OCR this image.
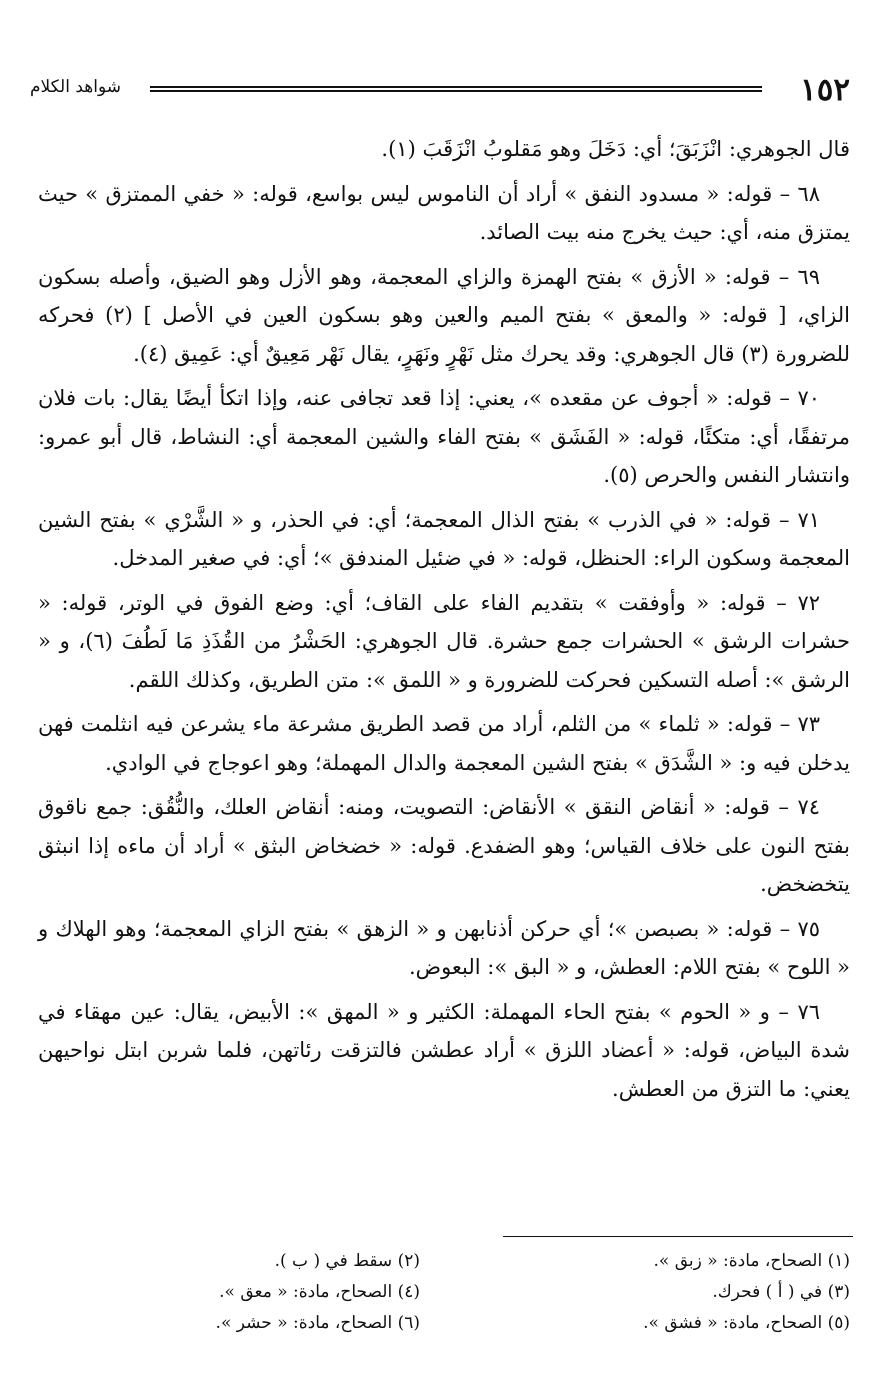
١٥٢
شواهد الكلام

قال الجوهري: انْزَبَقَ؛ أي: دَخَلَ وهو مَقلوبُ انْزَقَبَ (١).

٦٨ – قوله: « مسدود النفق » أراد أن الناموس ليس بواسع، قوله: « خفي الممتزق » حيث يمتزق منه، أي: حيث يخرج منه بيت الصائد.

٦٩ – قوله: « الأزق » بفتح الهمزة والزاي المعجمة، وهو الأزل وهو الضيق، وأصله بسكون الزاي، [ قوله: « والمعق » بفتح الميم والعين وهو بسكون العين في الأصل ] (٢) فحركه للضرورة (٣) قال الجوهري: وقد يحرك مثل نَهْرٍ ونَهَرٍ، يقال نَهْر مَعِيقٌ أي: عَمِيق (٤).

٧٠ – قوله: « أجوف عن مقعده »، يعني: إذا قعد تجافى عنه، وإذا اتكأ أيضًا يقال: بات فلان مرتفقًا، أي: متكئًا، قوله: « الفَشَق » بفتح الفاء والشين المعجمة أي: النشاط، قال أبو عمرو: وانتشار النفس والحرص (٥).

٧١ – قوله: « في الذرب » بفتح الذال المعجمة؛ أي: في الحذر، و « الشَّرْي » بفتح الشين المعجمة وسكون الراء: الحنظل، قوله: « في ضئيل المندفق »؛ أي: في صغير المدخل.

٧٢ – قوله: « وأوفقت » بتقديم الفاء على القاف؛ أي: وضع الفوق في الوتر، قوله: « حشرات الرشق » الحشرات جمع حشرة. قال الجوهري: الحَشْرُ من القُذَذِ مَا لَطُفَ (٦)، و « الرشق »: أصله التسكين فحركت للضرورة و « اللمق »: متن الطريق، وكذلك اللقم.

٧٣ – قوله: « ثلماء » من الثلم، أراد من قصد الطريق مشرعة ماء يشرعن فيه انثلمت فهن يدخلن فيه و: « الشَّدَق » بفتح الشين المعجمة والدال المهملة؛ وهو اعوجاج في الوادي.

٧٤ – قوله: « أنقاض النقق » الأنقاض: التصويت، ومنه: أنقاض العلك، والنُّقُق: جمع ناقوق بفتح النون على خلاف القياس؛ وهو الضفدع. قوله: « خضخاض البثق » أراد أن ماءه إذا انبثق يتخضخض.

٧٥ – قوله: « بصبصن »؛ أي حركن أذنابهن و « الزهق » بفتح الزاي المعجمة؛ وهو الهلاك و « اللوح » بفتح اللام: العطش، و « البق »: البعوض.

٧٦ – و « الحوم » بفتح الحاء المهملة: الكثير و « المهق »: الأبيض، يقال: عين مهقاء في شدة البياض، قوله: « أعضاد اللزق » أراد عطشن فالتزقت رئاتهن، فلما شربن ابتل نواحيهن يعني: ما التزق من العطش.

(١) الصحاح، مادة: « زبق ».
(٣) في ( أ ) فحرك.
(٥) الصحاح، مادة: « فشق ».
(٢) سقط في ( ب ).
(٤) الصحاح، مادة: « معق ».
(٦) الصحاح، مادة: « حشر ».
